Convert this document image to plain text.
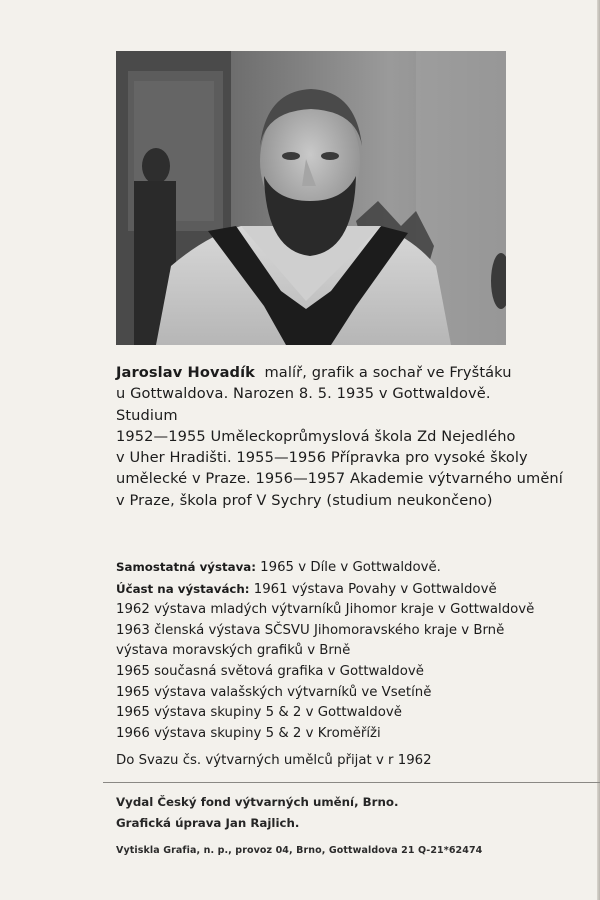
Jaroslav Hovadík malíř, grafik a sochař ve Fryštáku

u Gottwaldova. Narozen 8. 5. 1935 v Gottwaldově.

Studium

1952—1955 Uměleckoprůmyslová škola Zd Nejedlého

v Uher Hradišti. 1955—1956 Přípravka pro vysoké školy

umělecké v Praze. 1956—1957 Akademie výtvarného umění

v Praze, škola prof V Sychry (studium neukončeno)

Samostatná výstava: 1965 v Díle v Gottwaldově.

Účast na výstavách: 1961 výstava Povahy v Gottwaldově

1962 výstava mladých výtvarníků Jihomor kraje v Gottwaldově

1963 členská výstava SČSVU Jihomoravského kraje v Brně

výstava moravských grafiků v Brně

1965 současná světová grafika v Gottwaldově

1965 výstava valašských výtvarníků ve Vsetíně

1965 výstava skupiny 5 & 2 v Gottwaldově

1966 výstava skupiny 5 & 2 v Kroměříži

Do Svazu čs. výtvarných umělců přijat v r 1962

Vydal Český fond výtvarných umění, Brno.

Grafická úprava Jan Rajlich.

Vytiskla Grafia, n. p., provoz 04, Brno, Gottwaldova 21 Q-21*62474
